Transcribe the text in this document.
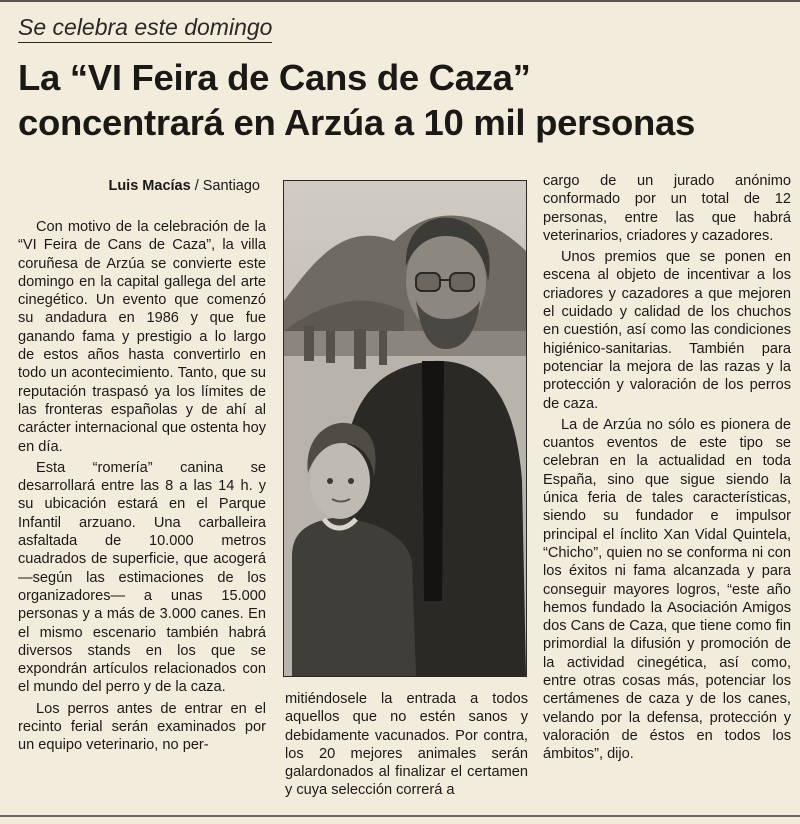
Se celebra este domingo
La “VI Feira de Cans de Caza”
concentrará en Arzúa a 10 mil personas
Luis Macías / Santiago

Con motivo de la celebración de la “VI Feira de Cans de Caza”, la villa coruñesa de Arzúa se convierte este domingo en la capital gallega del arte cinegético. Un evento que comenzó su andadura en 1986 y que fue ganando fama y prestigio a lo largo de estos años hasta convertirlo en todo un acontecimiento. Tanto, que su reputación traspasó ya los límites de las fronteras españolas y de ahí al carácter internacional que ostenta hoy en día.

Esta “romería” canina se desarrollará entre las 8 a las 14 h. y su ubicación estará en el Parque Infantil arzuano. Una carballeira asfaltada de 10.000 metros cuadrados de superficie, que acogerá —según las estimaciones de los organizadores— a unas 15.000 personas y a más de 3.000 canes. En el mismo escenario también habrá diversos stands en los que se expondrán artículos relacionados con el mundo del perro y de la caza.

Los perros antes de entrar en el recinto ferial serán examinados por un equipo veterinario, no per-

mitiéndosele la entrada a todos aquellos que no estén sanos y debidamente vacunados. Por contra, los 20 mejores animales serán galardonados al finalizar el certamen y cuya selección correrá a

cargo de un jurado anónimo conformado por un total de 12 personas, entre las que habrá veterinarios, criadores y cazadores.

Unos premios que se ponen en escena al objeto de incentivar a los criadores y cazadores a que mejoren el cuidado y calidad de los chuchos en cuestión, así como las condiciones higiénico-sanitarias. También para potenciar la mejora de las razas y la protección y valoración de los perros de caza.

La de Arzúa no sólo es pionera de cuantos eventos de este tipo se celebran en la actualidad en toda España, sino que sigue siendo la única feria de tales características, siendo su fundador e impulsor principal el ínclito Xan Vidal Quintela, “Chicho”, quien no se conforma ni con los éxitos ni fama alcanzada y para conseguir mayores logros, “este año hemos fundado la Asociación Amigos dos Cans de Caza, que tiene como fin primordial la difusión y promoción de la actividad cinegética, así como, entre otras cosas más, potenciar los certámenes de caza y de los canes, velando por la defensa, protección y valoración de éstos en todos los ámbitos”, dijo.
